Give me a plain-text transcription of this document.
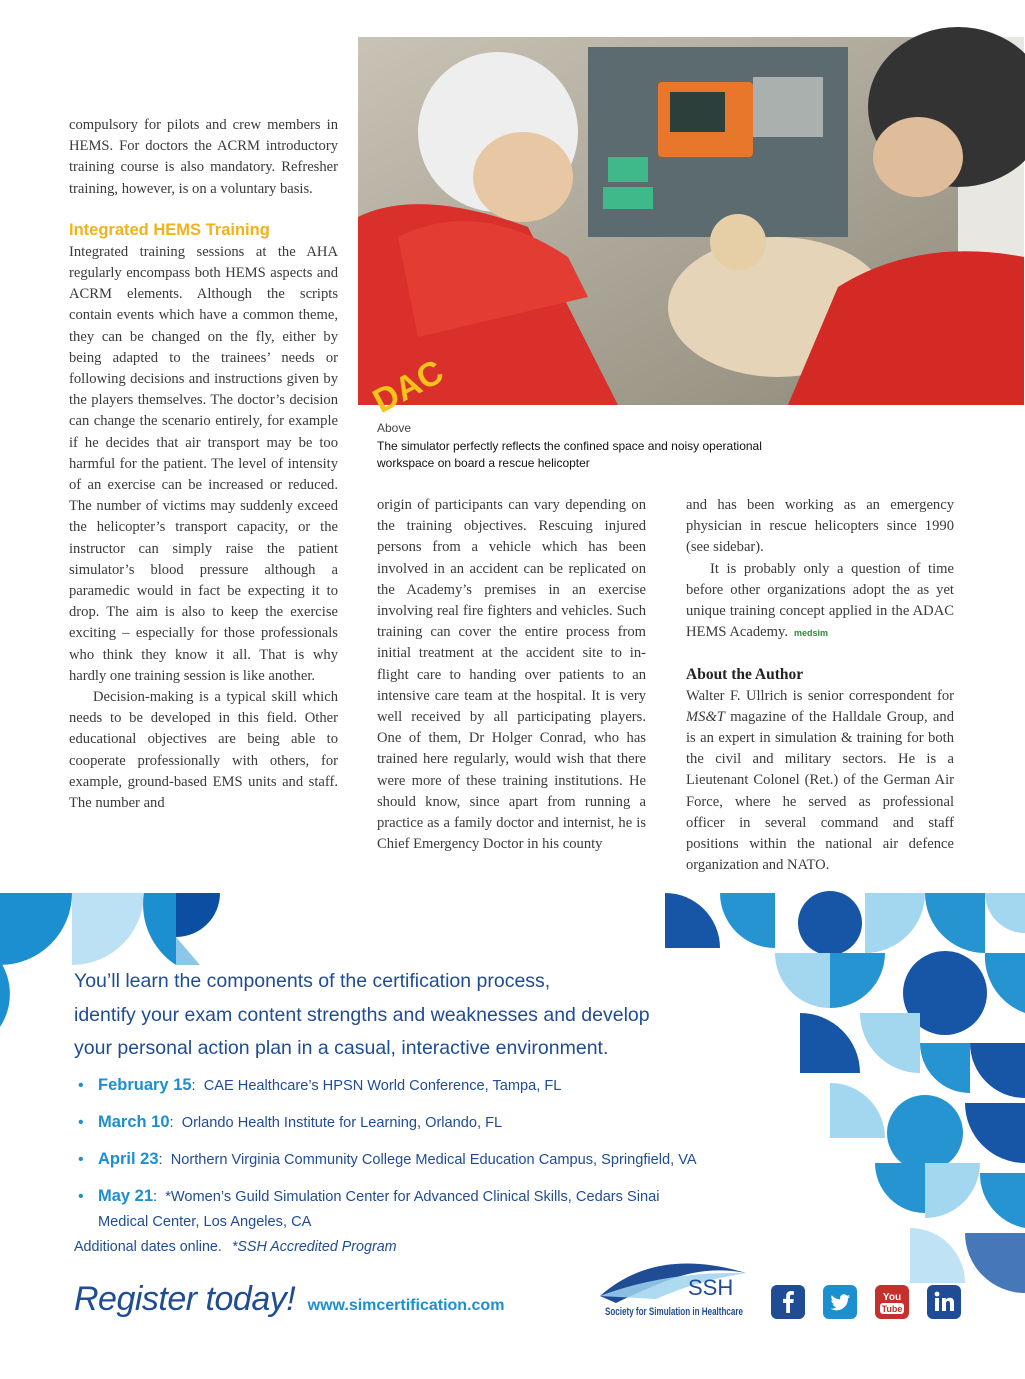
compulsory for pilots and crew members in HEMS. For doctors the ACRM introductory training course is also mandatory. Refresher training, however, is on a voluntary basis.

Integrated HEMS Training

Integrated training sessions at the AHA regularly encompass both HEMS aspects and ACRM elements. Although the scripts contain events which have a common theme, they can be changed on the fly, either by being adapted to the trainees’ needs or following decisions and instructions given by the players themselves. The doctor’s decision can change the scenario entirely, for example if he decides that air transport may be too harmful for the patient. The level of intensity of an exercise can be increased or reduced. The number of victims may suddenly exceed the helicopter’s transport capacity, or the instructor can simply raise the patient simulator’s blood pressure although a paramedic would in fact be expecting it to drop. The aim is also to keep the exercise exciting – especially for those professionals who think they know it all. That is why hardly one training session is like another.

Decision-making is a typical skill which needs to be developed in this field. Other educational objectives are being able to cooperate professionally with others, for example, ground-based EMS units and staff. The number and

DAC
Above
The simulator perfectly reflects the confined space and noisy operational workspace on board a rescue helicopter

origin of participants can vary depending on the training objectives. Rescuing injured persons from a vehicle which has been involved in an accident can be replicated on the Academy’s premises in an exercise involving real fire fighters and vehicles. Such training can cover the entire process from initial treatment at the accident site to in-flight care to handing over patients to an intensive care team at the hospital. It is very well received by all participating players. One of them, Dr Holger Conrad, who has trained here regularly, would wish that there were more of these training institutions. He should know, since apart from running a practice as a family doctor and internist, he is Chief Emergency Doctor in his county

and has been working as an emergency physician in rescue helicopters since 1990 (see sidebar).

It is probably only a question of time before other organizations adopt the as yet unique training concept applied in the ADAC HEMS Academy. medsim

About the Author

Walter F. Ullrich is senior correspondent for MS&T magazine of the Halldale Group, and is an expert in simulation & training for both the civil and military sectors. He is a Lieutenant Colonel (Ret.) of the German Air Force, where he served as professional officer in several command and staff positions within the national air defence organization and NATO.

You’ll learn the components of the certification process,
identify your exam content strengths and weaknesses and develop
your personal action plan in a casual, interactive environment.
• February 15:  CAE Healthcare’s HPSN World Conference, Tampa, FL
• March 10:  Orlando Health Institute for Learning, Orlando, FL
• April 23:  Northern Virginia Community College Medical Education Campus, Springfield, VA
• May 21:  *Women’s Guild Simulation Center for Advanced Clinical Skills, Cedars Sinai Medical Center, Los Angeles, CA
Additional dates online. *SSH Accredited Program
Register today! www.simcertification.com
SSH
Society for Simulation in Healthcare
You
Tube
